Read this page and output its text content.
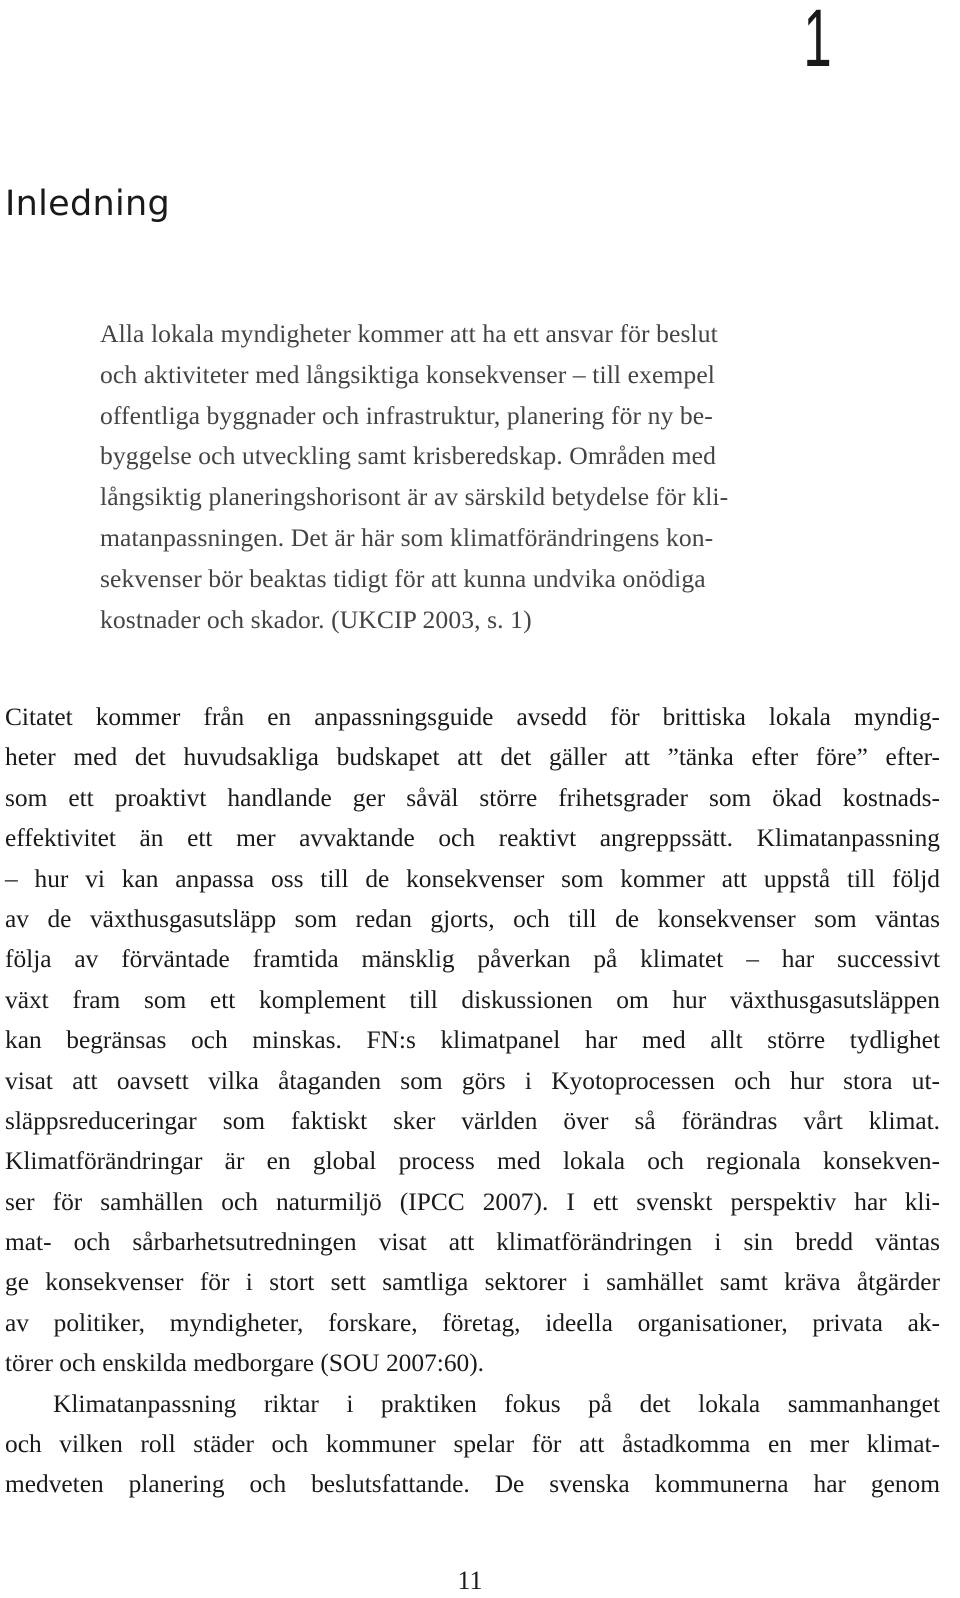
1
Inledning
Alla lokala myndigheter kommer att ha ett ansvar för beslut
och aktiviteter med långsiktiga konsekvenser – till exempel
offentliga byggnader och infrastruktur, planering för ny be-
byggelse och utveckling samt krisberedskap. Områden med
långsiktig planeringshorisont är av särskild betydelse för kli-
matanpassningen. Det är här som klimatförändringens kon-
sekvenser bör beaktas tidigt för att kunna undvika onödiga
kostnader och skador. (UKCIP 2003, s. 1)
Citatet kommer från en anpassningsguide avsedd för brittiska lokala myndig-
heter med det huvudsakliga budskapet att det gäller att ”tänka efter före” efter-
som ett proaktivt handlande ger såväl större frihetsgrader som ökad kostnads-
effektivitet än ett mer avvaktande och reaktivt angreppssätt. Klimatanpassning
– hur vi kan anpassa oss till de konsekvenser som kommer att uppstå till följd
av de växthusgasutsläpp som redan gjorts, och till de konsekvenser som väntas
följa av förväntade framtida mänsklig påverkan på klimatet – har successivt
växt fram som ett komplement till diskussionen om hur växthusgasutsläppen
kan begränsas och minskas. FN:s klimatpanel har med allt större tydlighet
visat att oavsett vilka åtaganden som görs i Kyotoprocessen och hur stora ut-
släppsreduceringar som faktiskt sker världen över så förändras vårt klimat.
Klimatförändringar är en global process med lokala och regionala konsekven-
ser för samhällen och naturmiljö (IPCC 2007). I ett svenskt perspektiv har kli-
mat- och sårbarhetsutredningen visat att klimatförändringen i sin bredd väntas
ge konsekvenser för i stort sett samtliga sektorer i samhället samt kräva åtgärder
av politiker, myndigheter, forskare, företag, ideella organisationer, privata ak-
törer och enskilda medborgare (SOU 2007:60).
Klimatanpassning riktar i praktiken fokus på det lokala sammanhanget
och vilken roll städer och kommuner spelar för att åstadkomma en mer klimat-
medveten planering och beslutsfattande. De svenska kommunerna har genom
11
